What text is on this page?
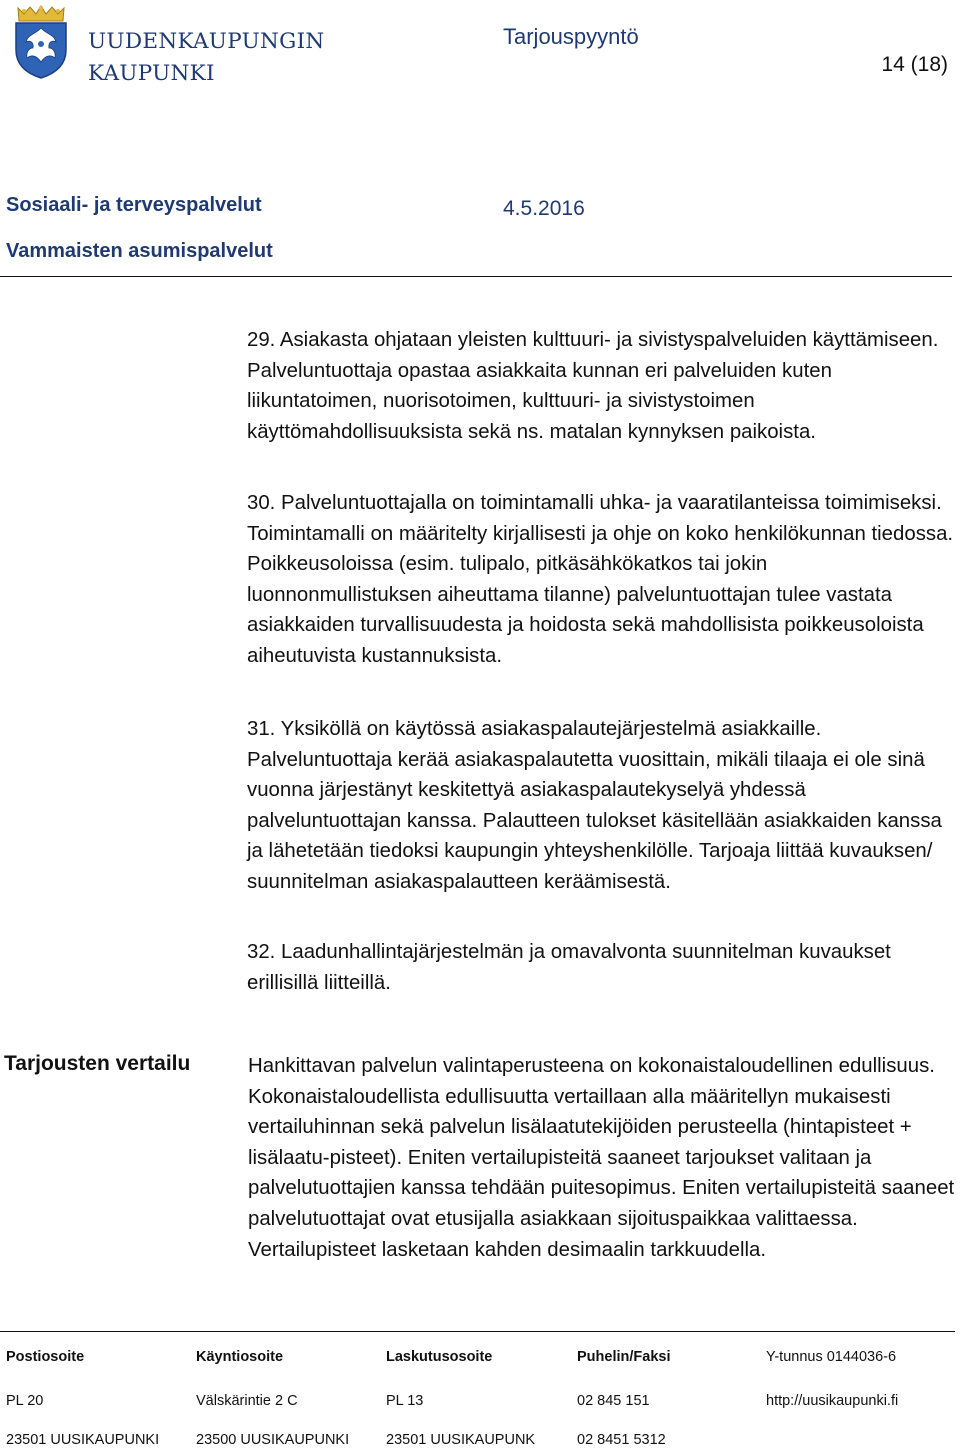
UUDENKAUPUNGIN
KAUPUNKI
Tarjouspyyntö
14 (18)
Sosiaali- ja terveyspalvelut
Vammaisten asumispalvelut
4.5.2016

29. Asiakasta ohjataan yleisten kulttuuri- ja sivistyspalveluiden käyttämiseen. Palveluntuottaja opastaa asiakkaita kunnan eri palveluiden kuten liikuntatoimen, nuorisotoimen, kulttuuri- ja sivistystoimen käyttömahdollisuuksista sekä ns. matalan kynnyksen paikoista.

30. Palveluntuottajalla on toimintamalli uhka- ja vaaratilanteissa toimimiseksi. Toimintamalli on määritelty kirjallisesti ja ohje on koko henkilökunnan tiedossa. Poikkeusoloissa (esim. tulipalo, pitkäsähkökatkos tai jokin luonnonmullistuksen aiheuttama tilanne) palveluntuottajan tulee vastata asiakkaiden turvallisuudesta ja hoidosta sekä mahdollisista poikkeusoloista aiheutuvista kustannuksista.

31. Yksiköllä on käytössä asiakaspalautejärjestelmä asiakkaille. Palveluntuottaja kerää asiakaspalautetta vuosittain, mikäli tilaaja ei ole sinä vuonna järjestänyt keskitettyä asiakaspalautekyselyä yhdessä palveluntuottajan kanssa. Palautteen tulokset käsitellään asiakkaiden kanssa ja lähetetään tiedoksi kaupungin yhteyshenkilölle. Tarjoaja liittää kuvauksen/ suunnitelman asiakaspalautteen keräämisestä.

32. Laadunhallintajärjestelmän ja omavalvonta suunnitelman kuvaukset erillisillä liitteillä.

Tarjousten vertailu	Hankittavan palvelun valintaperusteena on kokonaistaloudellinen edullisuus. Kokonaistaloudellista edullisuutta vertaillaan alla määritellyn mukaisesti vertailuhinnan sekä palvelun lisälaatutekijöiden perusteella (hintapisteet + lisälaatu-pisteet). Eniten vertailupisteitä saaneet tarjoukset valitaan ja palvelutuottajien kanssa tehdään puitesopimus. Eniten vertailupisteitä saaneet palvelutuottajat ovat etusijalla asiakkaan sijoituspaikkaa valittaessa. Vertailupisteet lasketaan kahden desimaalin tarkkuudella.
Postiosoite	Käyntiosoite	Laskutusosoite	Puhelin/Faksi	Y-tunnus 0144036-6
PL 20	Välskärintie 2 C	PL 13	02 845 151	http://uusikaupunki.fi
23501 UUSIKAUPUNKI	23500 UUSIKAUPUNKI	23501 UUSIKAUPUNK	02 8451 5312
